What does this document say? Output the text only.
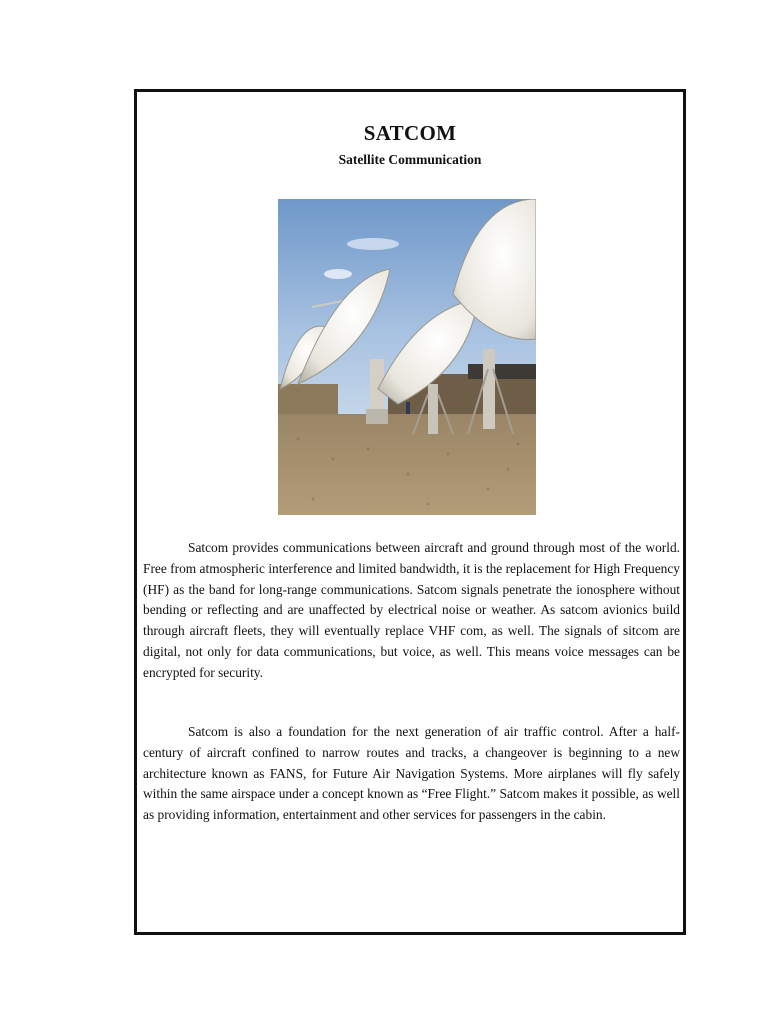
SATCOM
Satellite Communication

Satcom provides communications between aircraft and ground through most of the world. Free from atmospheric interference and limited bandwidth, it is the replacement for High Frequency (HF) as the band for long-range communications. Satcom signals penetrate the ionosphere without bending or reflecting and are unaffected by electrical noise or weather. As satcom avionics build through aircraft fleets, they will eventually replace VHF com, as well. The signals of sitcom are digital, not only for data communications, but voice, as well. This means voice messages can be encrypted for security.

Satcom is also a foundation for the next generation of air traffic control. After a half-century of aircraft confined to narrow routes and tracks, a changeover is beginning to a new architecture known as FANS, for Future Air Navigation Systems. More airplanes will fly safely within the same airspace under a concept known as “Free Flight.” Satcom makes it possible, as well as providing information, entertainment and other services for passengers in the cabin.
